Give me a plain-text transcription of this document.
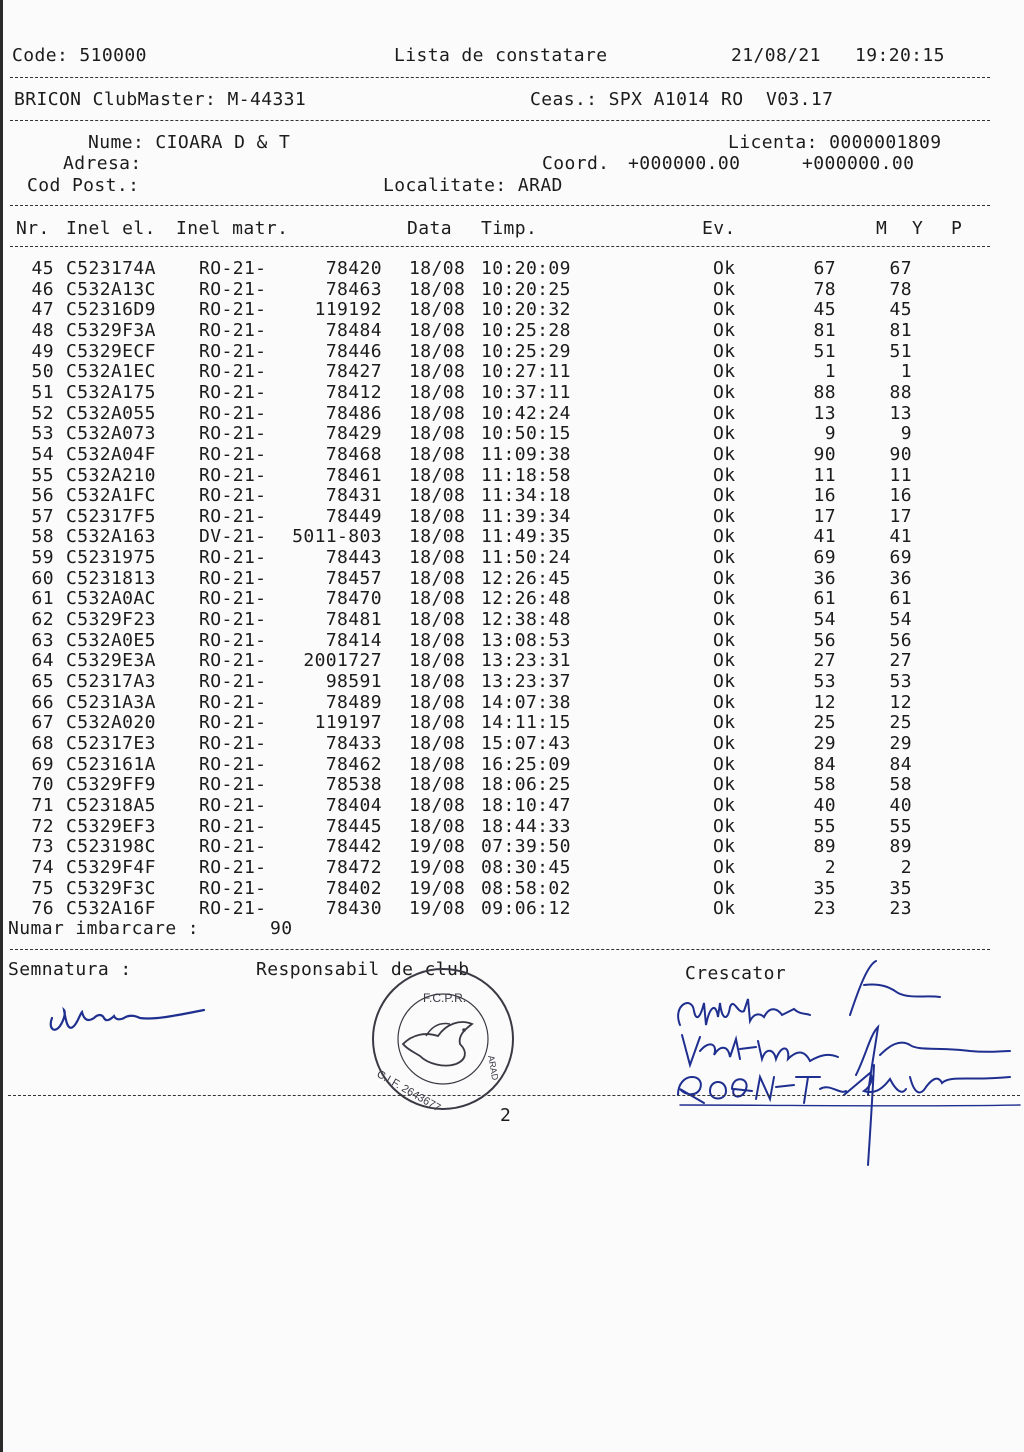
Code: 510000	Lista de constatare	21/08/21 19:20:15
BRICON ClubMaster: M-44331	Ceas.: SPX A1014 RO  V03.17
Nume: CIOARA D & T	Licenta: 0000001809
Adresa:	Coord. +000000.00	+000000.00
Cod Post.:	Localitate: ARAD
Nr. Inel el. Inel matr.	Data Timp.	Ev.	M Y P
45 C523174A RO-21-	78420 18/08 10:20:09	Ok	67	67
46 C532A13C RO-21-	78463 18/08 10:20:25	Ok	78	78
47 C52316D9 RO-21-	119192 18/08 10:20:32	Ok	45	45
48 C5329F3A RO-21-	78484 18/08 10:25:28	Ok	81	81
49 C5329ECF RO-21-	78446 18/08 10:25:29	Ok	51	51
50 C532A1EC RO-21-	78427 18/08 10:27:11	Ok	1	1
51 C532A175 RO-21-	78412 18/08 10:37:11	Ok	88	88
52 C532A055 RO-21-	78486 18/08 10:42:24	Ok	13	13
53 C532A073 RO-21-	78429 18/08 10:50:15	Ok	9	9
54 C532A04F RO-21-	78468 18/08 11:09:38	Ok	90	90
55 C532A210 RO-21-	78461 18/08 11:18:58	Ok	11	11
56 C532A1FC RO-21-	78431 18/08 11:34:18	Ok	16	16
57 C52317F5 RO-21-	78449 18/08 11:39:34	Ok	17	17
58 C532A163 DV-21-	5011-803 18/08 11:49:35	Ok	41	41
59 C5231975 RO-21-	78443 18/08 11:50:24	Ok	69	69
60 C5231813 RO-21-	78457 18/08 12:26:45	Ok	36	36
61 C532A0AC RO-21-	78470 18/08 12:26:48	Ok	61	61
62 C5329F23 RO-21-	78481 18/08 12:38:48	Ok	54	54
63 C532A0E5 RO-21-	78414 18/08 13:08:53	Ok	56	56
64 C5329E3A RO-21-	2001727 18/08 13:23:31	Ok	27	27
65 C52317A3 RO-21-	98591 18/08 13:23:37	Ok	53	53
66 C5231A3A RO-21-	78489 18/08 14:07:38	Ok	12	12
67 C532A020 RO-21-	119197 18/08 14:11:15	Ok	25	25
68 C52317E3 RO-21-	78433 18/08 15:07:43	Ok	29	29
69 C523161A RO-21-	78462 18/08 16:25:09	Ok	84	84
70 C5329FF9 RO-21-	78538 18/08 18:06:25	Ok	58	58
71 C52318A5 RO-21-	78404 18/08 18:10:47	Ok	40	40
72 C5329EF3 RO-21-	78445 18/08 18:44:33	Ok	55	55
73 C523198C RO-21-	78442 19/08 07:39:50	Ok	89	89
74 C5329F4F RO-21-	78472 19/08 08:30:45	Ok	2	2
75 C5329F3C RO-21-	78402 19/08 08:58:02	Ok	35	35
76 C532A16F RO-21-	78430 19/08 09:06:12	Ok	23	23
Numar imbarcare :	90
Semnatura :	Responsabil de club	Crescator
F.C.P.R.
ARAD
C.I.F. 2643677
2
